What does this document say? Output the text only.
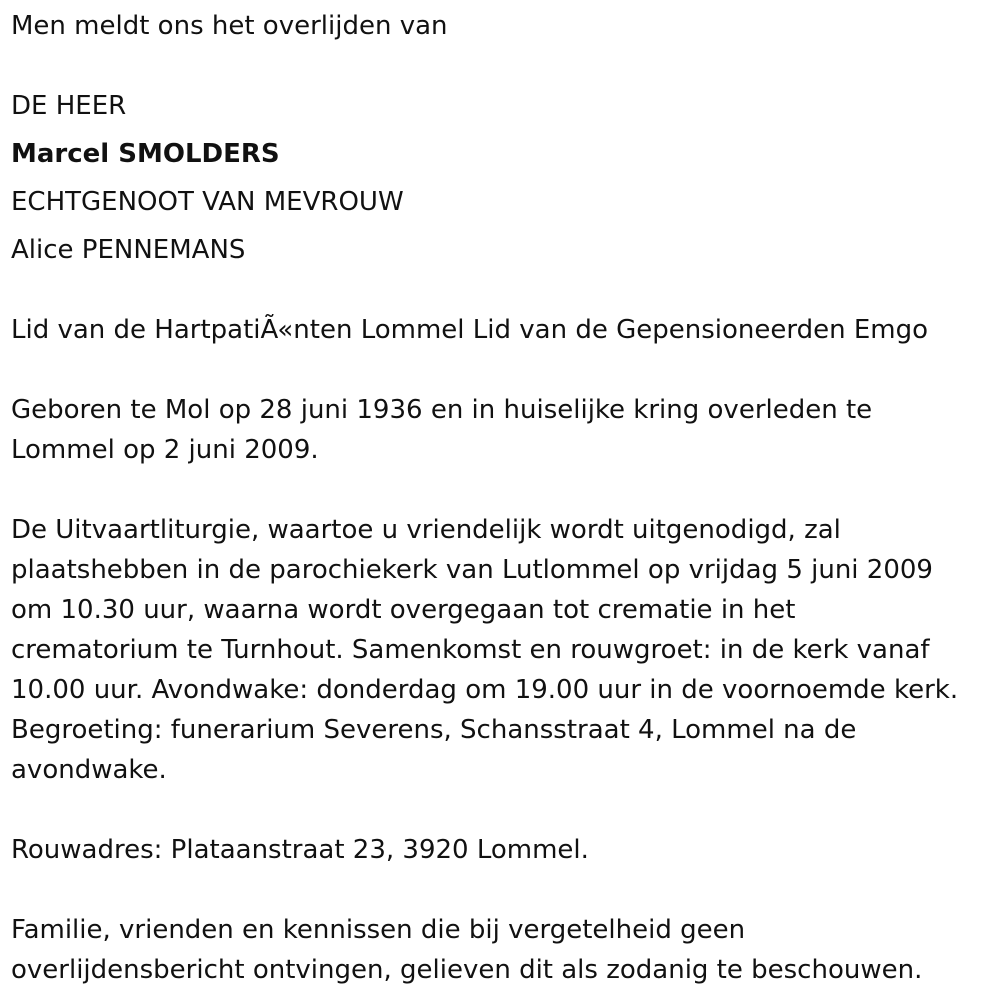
Men meldt ons het overlijden van
DE HEER
Marcel SMOLDERS
ECHTGENOOT VAN MEVROUW
Alice PENNEMANS
Lid van de HartpatiÃ«nten Lommel Lid van de Gepensioneerden Emgo
Geboren te Mol op 28 juni 1936 en in huiselijke kring overleden te
Lommel op 2 juni 2009.
De Uitvaartliturgie, waartoe u vriendelijk wordt uitgenodigd, zal
plaatshebben in de parochiekerk van Lutlommel op vrijdag 5 juni 2009
om 10.30 uur, waarna wordt overgegaan tot crematie in het
crematorium te Turnhout. Samenkomst en rouwgroet: in de kerk vanaf
10.00 uur. Avondwake: donderdag om 19.00 uur in de voornoemde kerk.
Begroeting: funerarium Severens, Schansstraat 4, Lommel na de
avondwake.
Rouwadres: Plataanstraat 23, 3920 Lommel.
Familie, vrienden en kennissen die bij vergetelheid geen
overlijdensbericht ontvingen, gelieven dit als zodanig te beschouwen.
